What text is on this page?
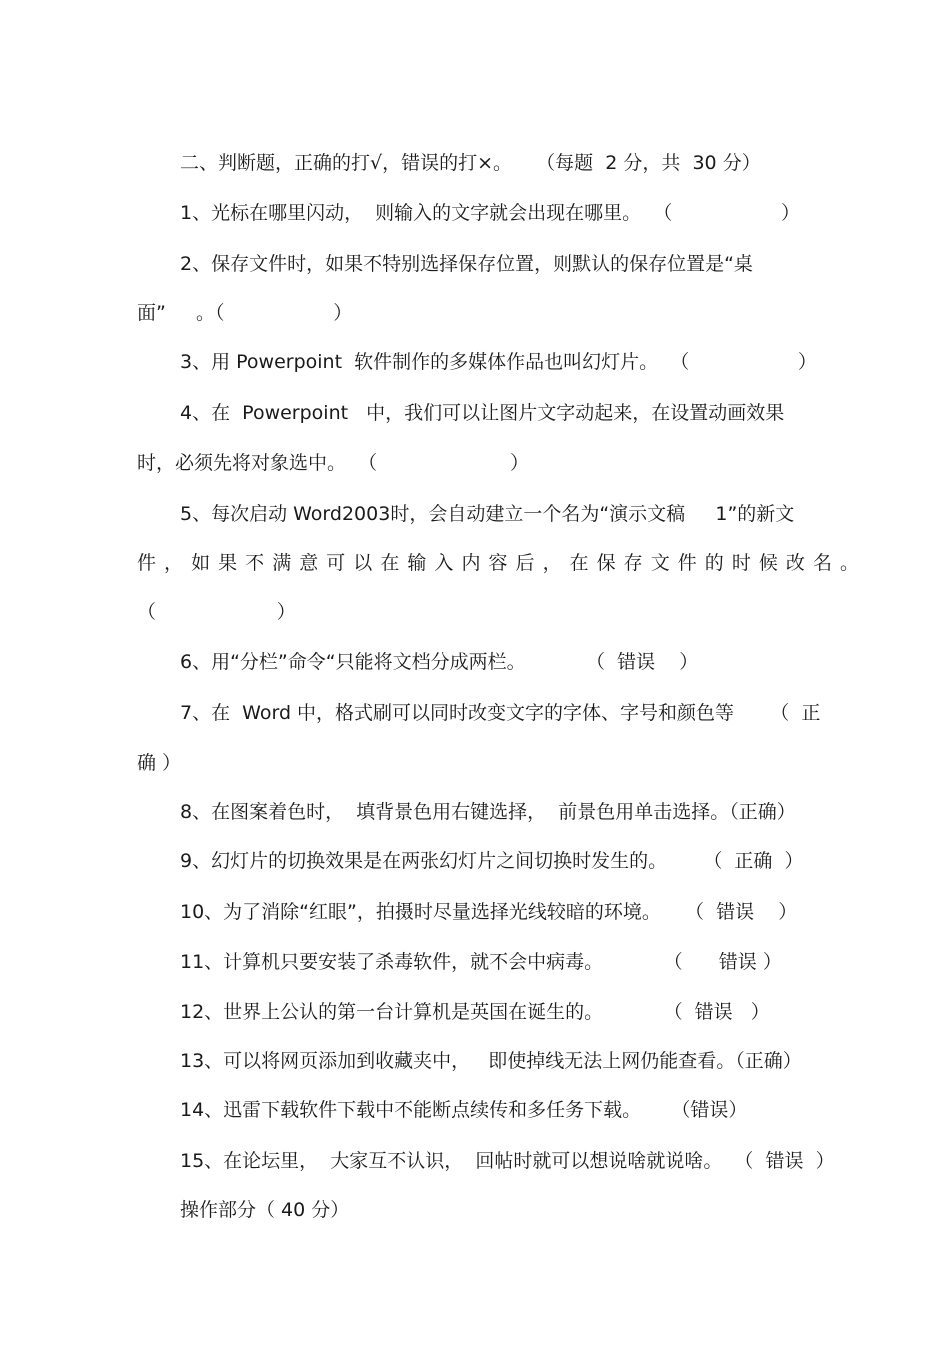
二、判断题，正确的打√，错误的打×。    （每题  2 分，共  30 分）

1、光标在哪里闪动，  则输入的文字就会出现在哪里。  （                  ）

2、保存文件时，如果不特别选择保存位置，则默认的保存位置是“桌

面”     。（                  ）

3、用 Powerpoint  软件制作的多媒体作品也叫幻灯片。  （                  ）

4、在  Powerpoint   中，我们可以让图片文字动起来，在设置动画效果

时，必须先将对象选中。  （                      ）

5、每次启动 Word2003时，会自动建立一个名为“演示文稿     1”的新文

件，如果不满意可以在输入内容后，在保存文件的时候改名。

（                    ）

6、用“分栏”命令“只能将文档分成两栏。          （  错误    ）

7、在  Word 中，格式刷可以同时改变文字的字体、字号和颜色等      （  正

确 ）

8、在图案着色时，  填背景色用右键选择，  前景色用单击选择。（正确）

9、幻灯片的切换效果是在两张幻灯片之间切换时发生的。      （  正确  ）

10、为了消除“红眼”，拍摄时尽量选择光线较暗的环境。    （  错误    ）

11、计算机只要安装了杀毒软件，就不会中病毒。          （      错误 ）

12、世界上公认的第一台计算机是英国在诞生的。          （  错误   ）

13、可以将网页添加到收藏夹中，   即使掉线无法上网仍能查看。（正确）

14、迅雷下载软件下载中不能断点续传和多任务下载。     （错误）

15、在论坛里，  大家互不认识，  回帖时就可以想说啥就说啥。  （  错误  ）

操作部分（ 40 分）
